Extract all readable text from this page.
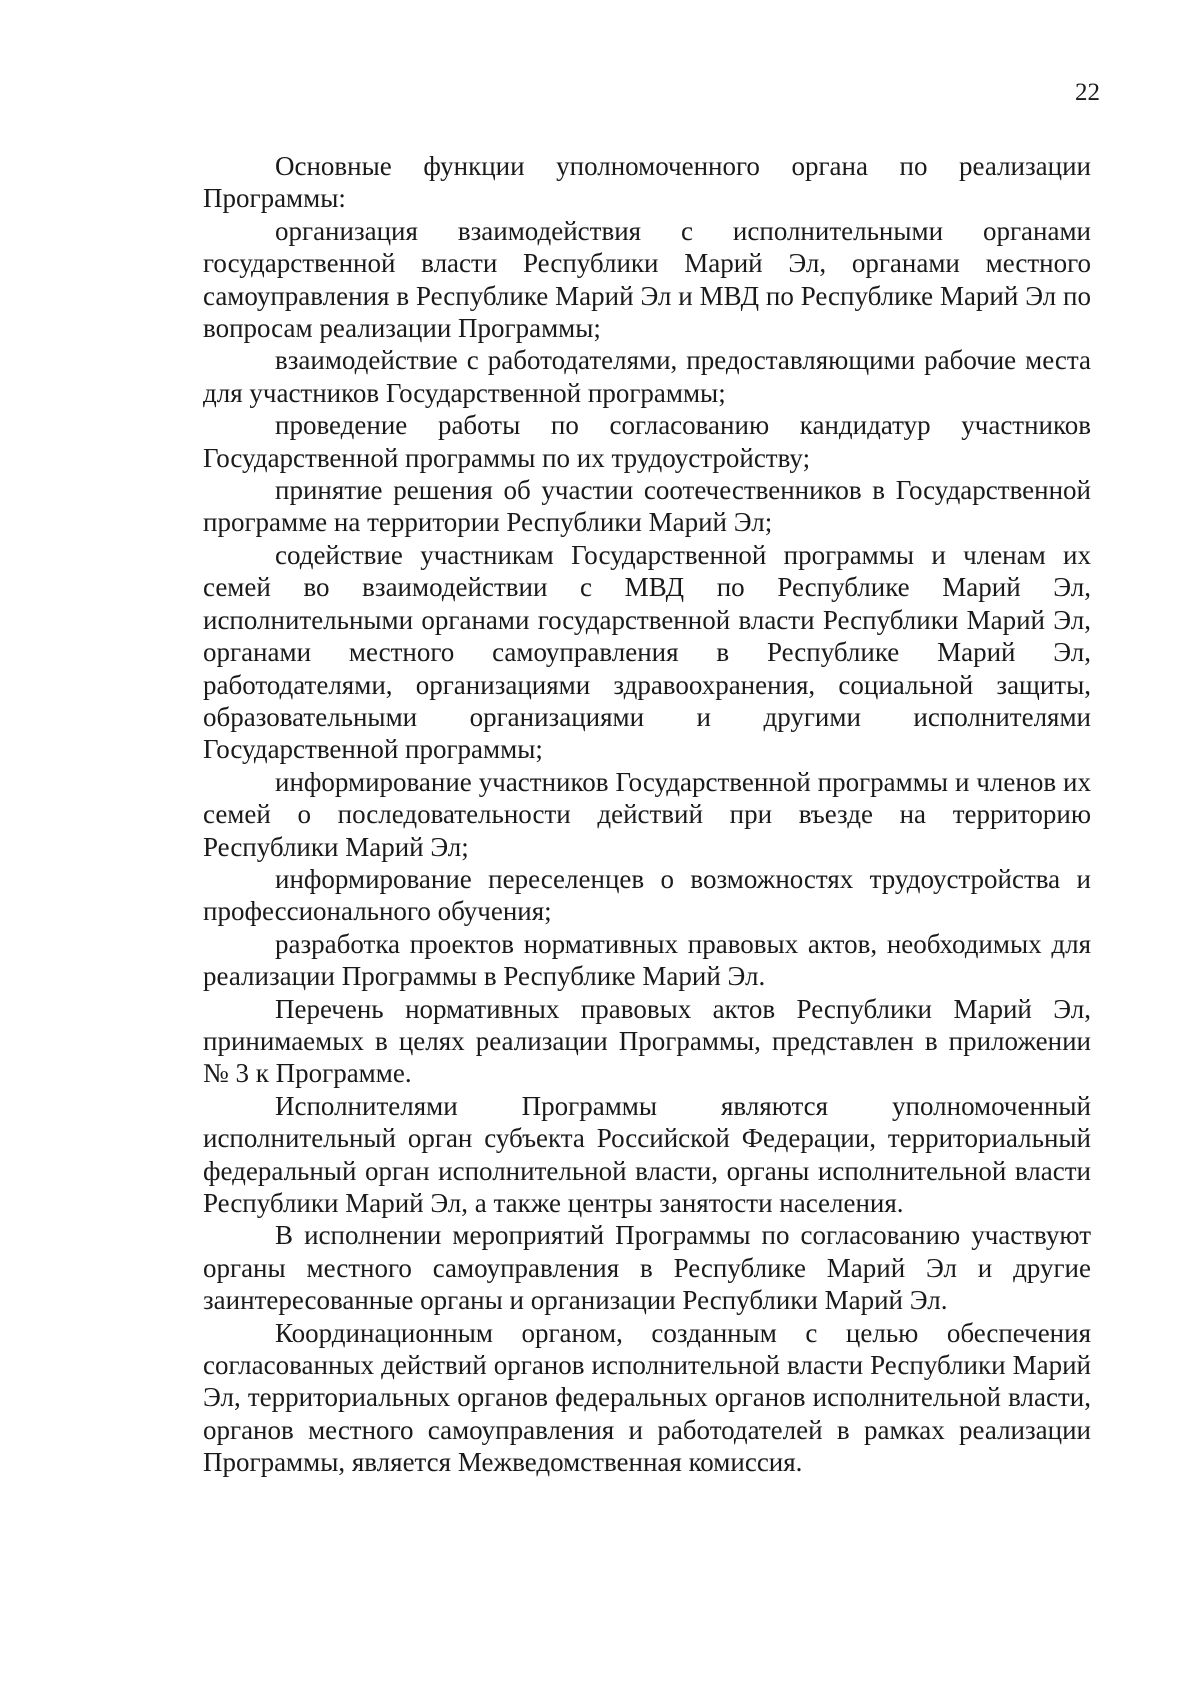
22

Основные функции уполномоченного органа по реализации Программы:

организация взаимодействия с исполнительными органами государственной власти Республики Марий Эл, органами местного самоуправления в Республике Марий Эл и МВД по Республике Марий Эл по вопросам реализации Программы;

взаимодействие с работодателями, предоставляющими рабочие места для участников Государственной программы;

проведение работы по согласованию кандидатур участников Государственной программы по их трудоустройству;

принятие решения об участии соотечественников в Государственной программе на территории Республики Марий Эл;

содействие участникам Государственной программы и членам их семей во взаимодействии с МВД по Республике Марий Эл, исполнительными органами государственной власти Республики Марий Эл, органами местного самоуправления в Республике Марий Эл, работодателями, организациями здравоохранения, социальной защиты, образовательными организациями и другими исполнителями Государственной программы;

информирование участников Государственной программы и членов их семей о последовательности действий при въезде на территорию Республики Марий Эл;

информирование переселенцев о возможностях трудоустройства и профессионального обучения;

разработка проектов нормативных правовых актов, необходимых для реализации Программы в Республике Марий Эл.

Перечень нормативных правовых актов Республики Марий Эл, принимаемых в целях реализации Программы, представлен в приложении № 3 к Программе.

Исполнителями Программы являются уполномоченный исполнительный орган субъекта Российской Федерации, территориальный федеральный орган исполнительной власти, органы исполнительной власти Республики Марий Эл, а также центры занятости населения.

В исполнении мероприятий Программы по согласованию участвуют органы местного самоуправления в Республике Марий Эл и другие заинтересованные органы и организации Республики Марий Эл.

Координационным органом, созданным с целью обеспечения согласованных действий органов исполнительной власти Республики Марий Эл, территориальных органов федеральных органов исполнительной власти, органов местного самоуправления и работодателей в рамках реализации Программы, является Межведомственная комиссия.
